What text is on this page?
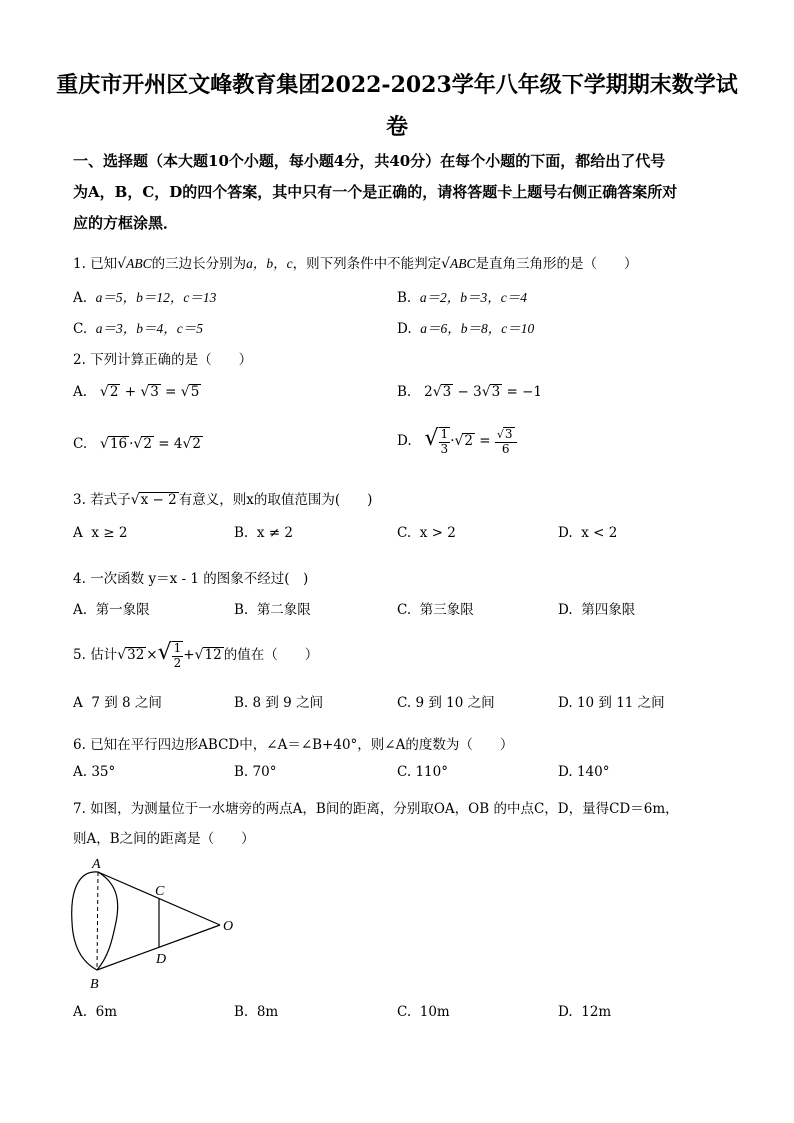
重庆市开州区文峰教育集团2022-2023学年八年级下学期期末数学试
卷
一、选择题（本大题10个小题，每小题4分，共40分）在每个小题的下面，都给出了代号
为A，B，C，D的四个答案，其中只有一个是正确的，请将答题卡上题号右侧正确答案所对
应的方框涂黑．
1. 已知√ABC的三边长分别为a，b，c，则下列条件中不能判定√ABC是直角三角形的是（　　）
A. a＝5，b＝12，c＝13	B. a＝2，b＝3，c＝4
C. a＝3，b＝4，c＝5	D. a＝6，b＝8，c＝10
2. 下列计算正确的是（　　）
A. √2 + √3 = √5	B. 2√3 − 3√3 = −1
C. √16 ·√2 = 4√2	D. √ $\frac{1}{3} \cdot√2 = \frac{√3}{6}$
3. 若式子√x − 2 有意义，则x的取值范围为(　　)
A x ≥ 2	B. x ≠ 2	C. x > 2	D. x < 2
4. 一次函数 y＝x - 1 的图象不经过(　)
A. 第一象限	B. 第二象限	C. 第三象限	D. 第四象限
5. 估计√32 ×√ $\frac{1}{2} +√12$ 的值在（　　）
A 7 到 8 之间	B. 8 到 9 之间	C. 9 到 10 之间	D. 10 到 11 之间
6. 已知在平行四边形ABCD中，∠A＝∠B+40°，则∠A的度数为（　　）
A. 35°	B. 70°	C. 110°	D. 140°
7. 如图，为测量位于一水塘旁的两点A，B间的距离，分别取OA，OB 的中点C，D，量得CD＝6m，
则A，B之间的距离是（　　）
A
B
C
D
O
A. 6m	B. 8m	C. 10m	D. 12m
